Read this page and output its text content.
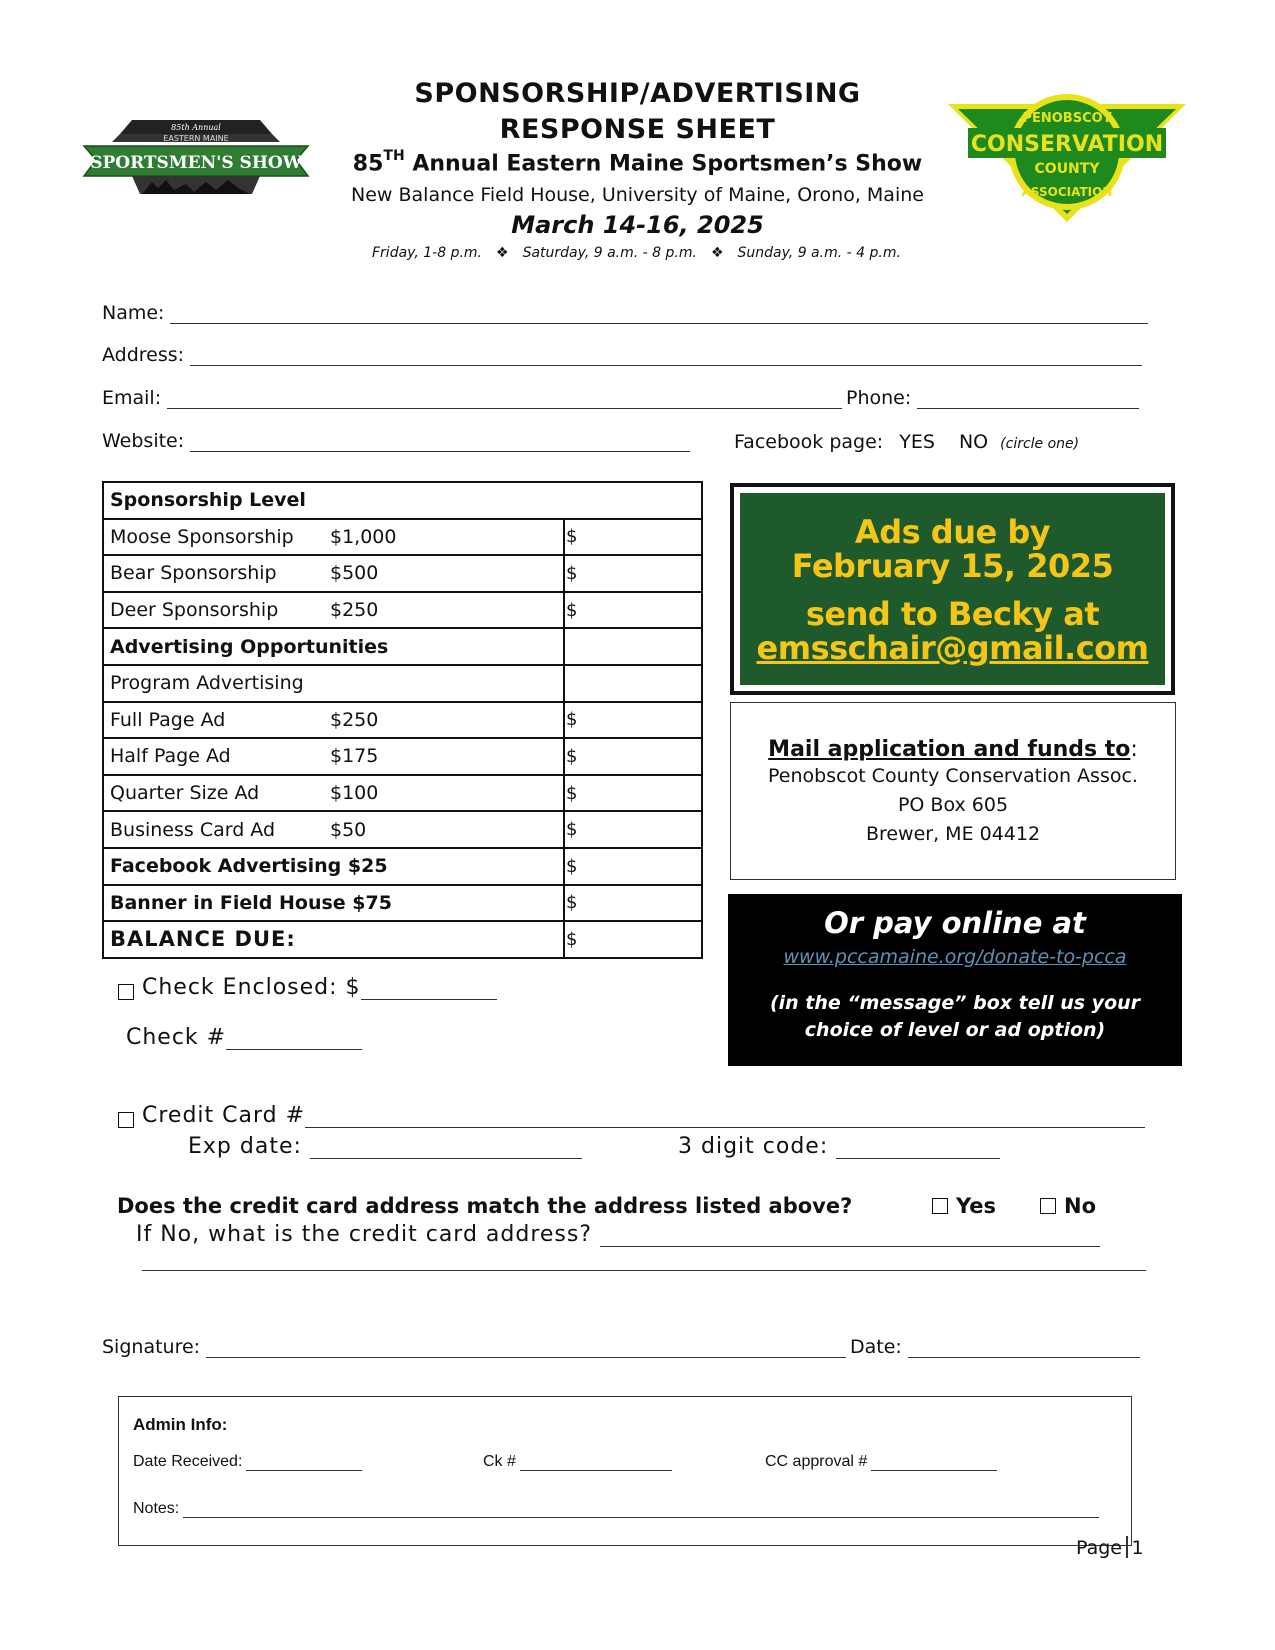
SPONSORSHIP/ADVERTISING
RESPONSE SHEET
85TH Annual Eastern Maine Sportsmen’s Show
New Balance Field House, University of Maine, Orono, Maine
March 14-16, 2025
Friday, 1-8 p.m. ❖ Saturday, 9 a.m. - 8 p.m. ❖ Sunday, 9 a.m. - 4 p.m.
85th Annual
EASTERN MAINE
SPORTSMEN'S SHOW
PENOBSCOT
CONSERVATION
COUNTY
ASSOCIATION
Name:
Address:
Email:	Phone:
Website:	Facebook page: YES NO (circle one)
Sponsorship Level	
Moose Sponsorship $1,000	$
Bear Sponsorship $500	$
Deer Sponsorship $250	$
Advertising Opportunities	
Program Advertising	
Full Page Ad $250	$
Half Page Ad $175	$
Quarter Size Ad $100	$
Business Card Ad $50	$
Facebook Advertising $25	$
Banner in Field House $75	$
BALANCE DUE:	$
Ads due by
February 15, 2025
send to Becky at
emsschair@gmail.com
Mail application and funds to:
Penobscot County Conservation Assoc.
PO Box 605
Brewer, ME 04412
Or pay online at
www.pccamaine.org/donate-to-pcca
(in the “message” box tell us your
choice of level or ad option)
Check Enclosed: $
Check #
Credit Card #
Exp date:	3 digit code:
Does the credit card address match the address listed above?	Yes	No
If No, what is the credit card address?
Signature:	Date:
Admin Info:
Date Received:	Ck #	CC approval #
Notes:
Page 1
